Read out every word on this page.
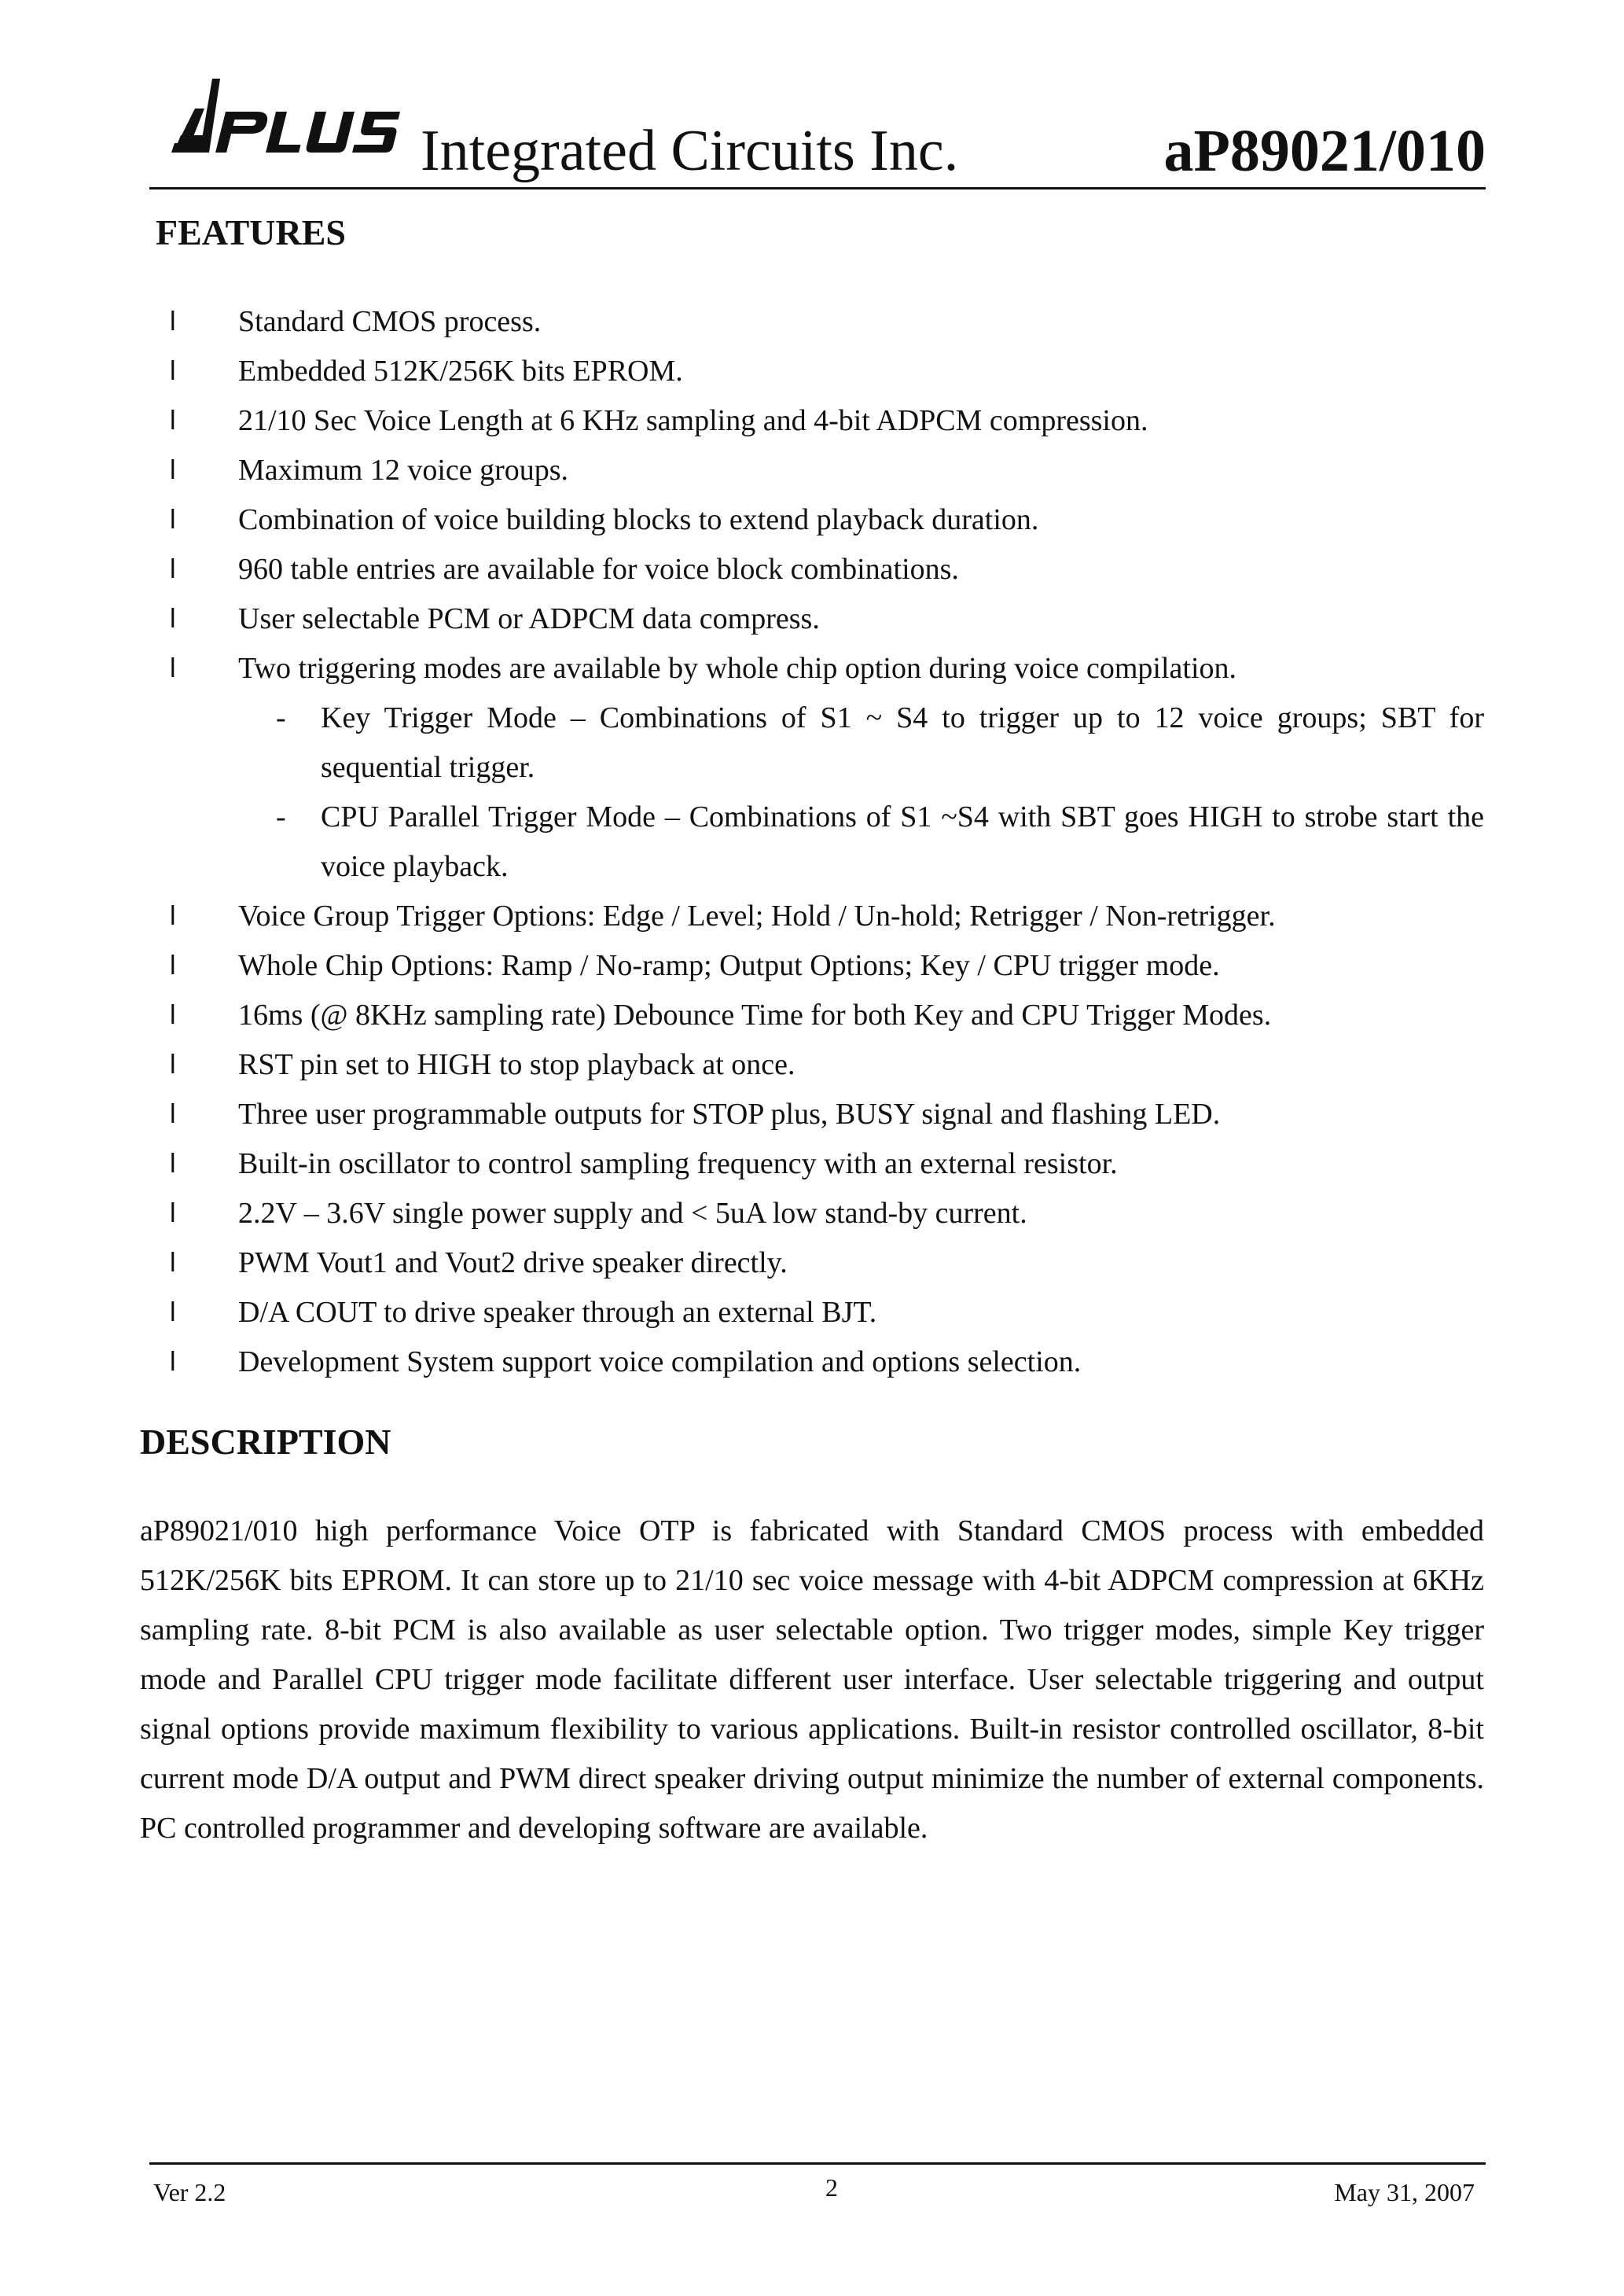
Integrated Circuits Inc.	aP89021/010
FEATURES
l Standard CMOS process.
l Embedded 512K/256K bits EPROM.
l 21/10 Sec Voice Length at 6 KHz sampling and 4-bit ADPCM compression.
l Maximum 12 voice groups.
l Combination of voice building blocks to extend playback duration.
l 960 table entries are available for voice block combinations.
l User selectable PCM or ADPCM data compress.
l Two triggering modes are available by whole chip option during voice compilation.
- Key Trigger Mode – Combinations of S1 ~ S4 to trigger up to 12 voice groups; SBT for sequential trigger.
- CPU Parallel Trigger Mode – Combinations of S1 ~S4 with SBT goes HIGH to strobe start the voice playback.
l Voice Group Trigger Options: Edge / Level; Hold / Un-hold; Retrigger / Non-retrigger.
l Whole Chip Options: Ramp / No-ramp; Output Options; Key / CPU trigger mode.
l 16ms (@ 8KHz sampling rate) Debounce Time for both Key and CPU Trigger Modes.
l RST pin set to HIGH to stop playback at once.
l Three user programmable outputs for STOP plus, BUSY signal and flashing LED.
l Built-in oscillator to control sampling frequency with an external resistor.
l 2.2V – 3.6V single power supply and < 5uA low stand-by current.
l PWM Vout1 and Vout2 drive speaker directly.
l D/A COUT to drive speaker through an external BJT.
l Development System support voice compilation and options selection.
DESCRIPTION

aP89021/010 high performance Voice OTP is fabricated with Standard CMOS process with embedded 512K/256K bits EPROM. It can store up to 21/10 sec voice message with 4-bit ADPCM compression at 6KHz sampling rate. 8-bit PCM is also available as user selectable option. Two trigger modes, simple Key trigger mode and Parallel CPU trigger mode facilitate different user interface. User selectable triggering and output signal options provide maximum flexibility to various applications. Built-in resistor controlled oscillator, 8-bit current mode D/A output and PWM direct speaker driving output minimize the number of external components. PC controlled programmer and developing software are available.

Ver 2.2	2	May 31, 2007
